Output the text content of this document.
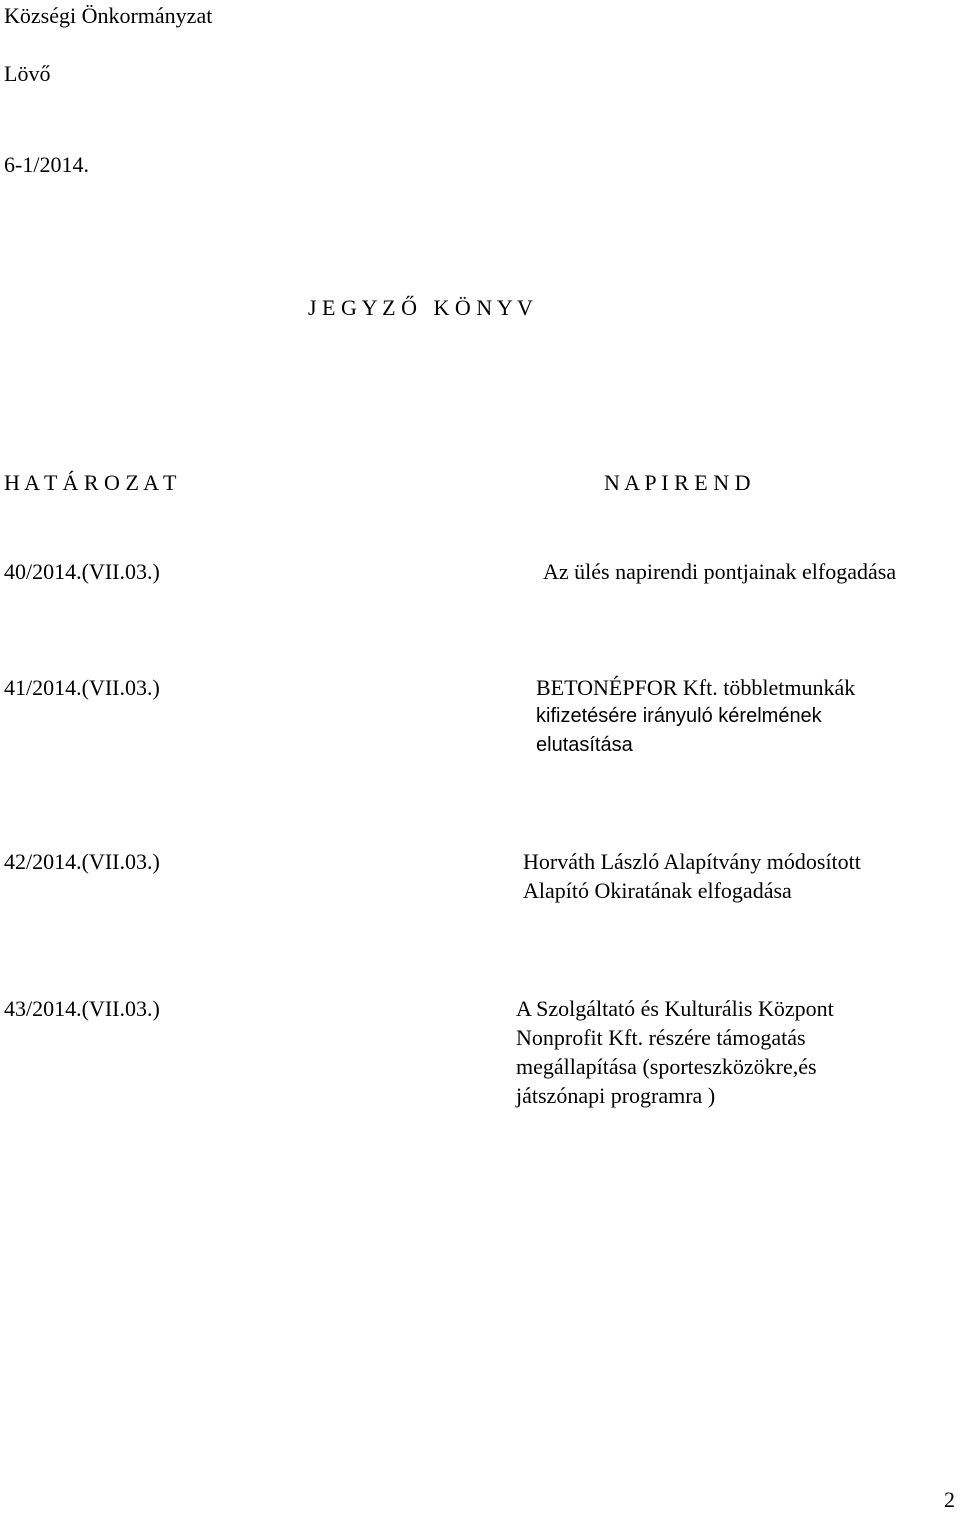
Községi Önkormányzat
Lövő
6-1/2014.
J E G Y Z Ő   K Ö N Y V
H A T Á R O Z A T	N A P I R E N D
40/2014.(VII.03.)	Az ülés napirendi pontjainak elfogadása
41/2014.(VII.03.)	BETONÉPFOR Kft. többletmunkák
kifizetésére irányuló kérelmének
elutasítása
42/2014.(VII.03.)	Horváth László Alapítvány módosított
Alapító Okiratának elfogadása
43/2014.(VII.03.)	A Szolgáltató és Kulturális Központ
Nonprofit Kft. részére támogatás
megállapítása (sporteszközökre,és
játszónapi programra )
2
